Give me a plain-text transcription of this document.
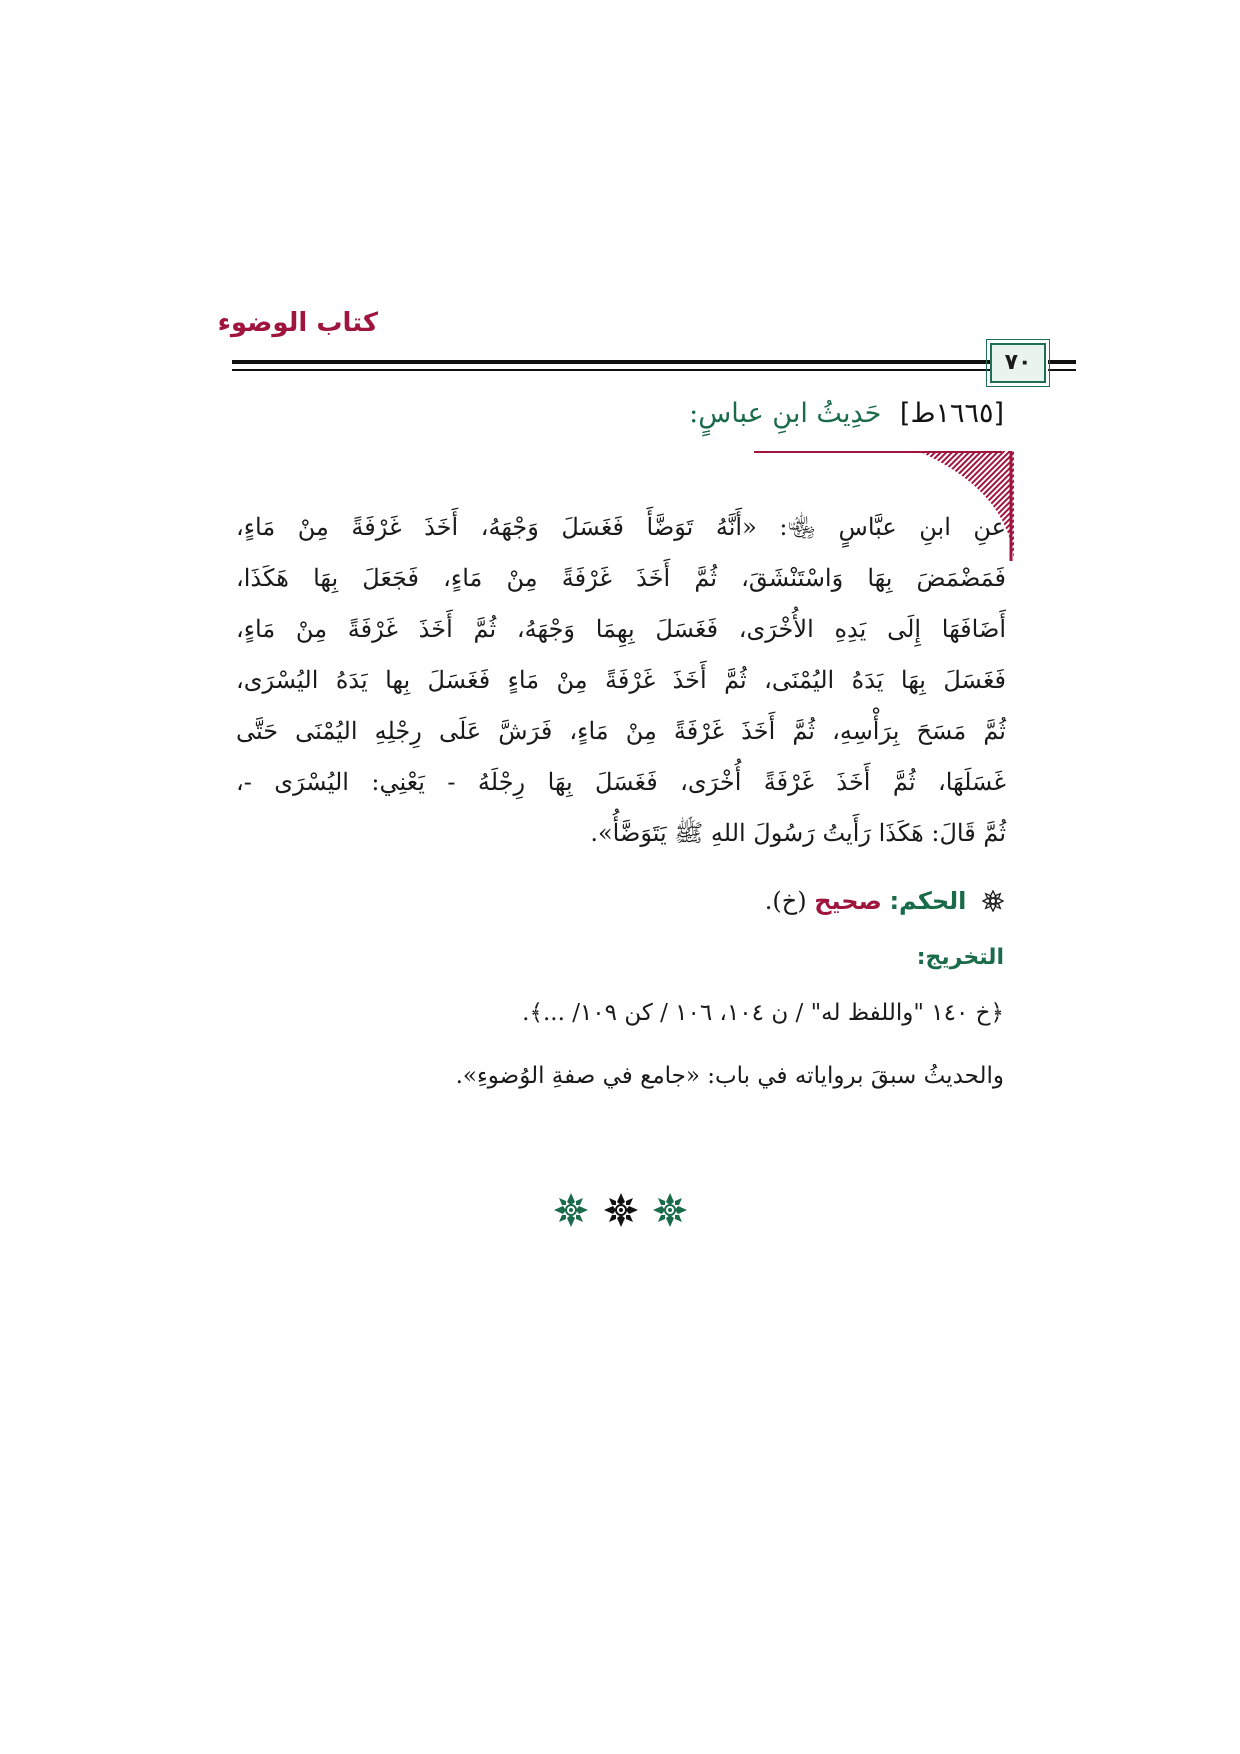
كتاب الوضوء
٧٠
[١٦٦٥ط] حَدِيثُ ابنِ عباسٍ:
عنِ ابنِ عبَّاسٍ ﵄: «أَنَّهُ تَوَضَّأَ فَغَسَلَ وَجْهَهُ، أَخَذَ غَرْفَةً مِنْ مَاءٍ،
فَمَضْمَضَ بِهَا وَاسْتَنْشَقَ، ثُمَّ أَخَذَ غَرْفَةً مِنْ مَاءٍ، فَجَعَلَ بِهَا هَكَذَا،
أَضَافَهَا إِلَى يَدِهِ الأُخْرَى، فَغَسَلَ بِهِمَا وَجْهَهُ، ثُمَّ أَخَذَ غَرْفَةً مِنْ مَاءٍ،
فَغَسَلَ بِهَا يَدَهُ اليُمْنَى، ثُمَّ أَخَذَ غَرْفَةً مِنْ مَاءٍ فَغَسَلَ بِها يَدَهُ اليُسْرَى،
ثُمَّ مَسَحَ بِرَأْسِهِ، ثُمَّ أَخَذَ غَرْفَةً مِنْ مَاءٍ، فَرَشَّ عَلَى رِجْلِهِ اليُمْنَى حَتَّى
غَسَلَهَا، ثُمَّ أَخَذَ غَرْفَةً أُخْرَى، فَغَسَلَ بِهَا رِجْلَهُ - يَعْنِي: اليُسْرَى -،
ثُمَّ قَالَ: هَكَذَا رَأَيتُ رَسُولَ اللهِ ﷺ يَتَوَضَّأُ».
الحكم: صحيح (خ).
التخريج:
﴿خ ١٤٠ "واللفظ له" / ن ١٠٤، ١٠٦ / كن ١٠٩/ ...﴾.
والحديثُ سبقَ برواياته في باب: «جامع في صفةِ الوُضوءِ».
